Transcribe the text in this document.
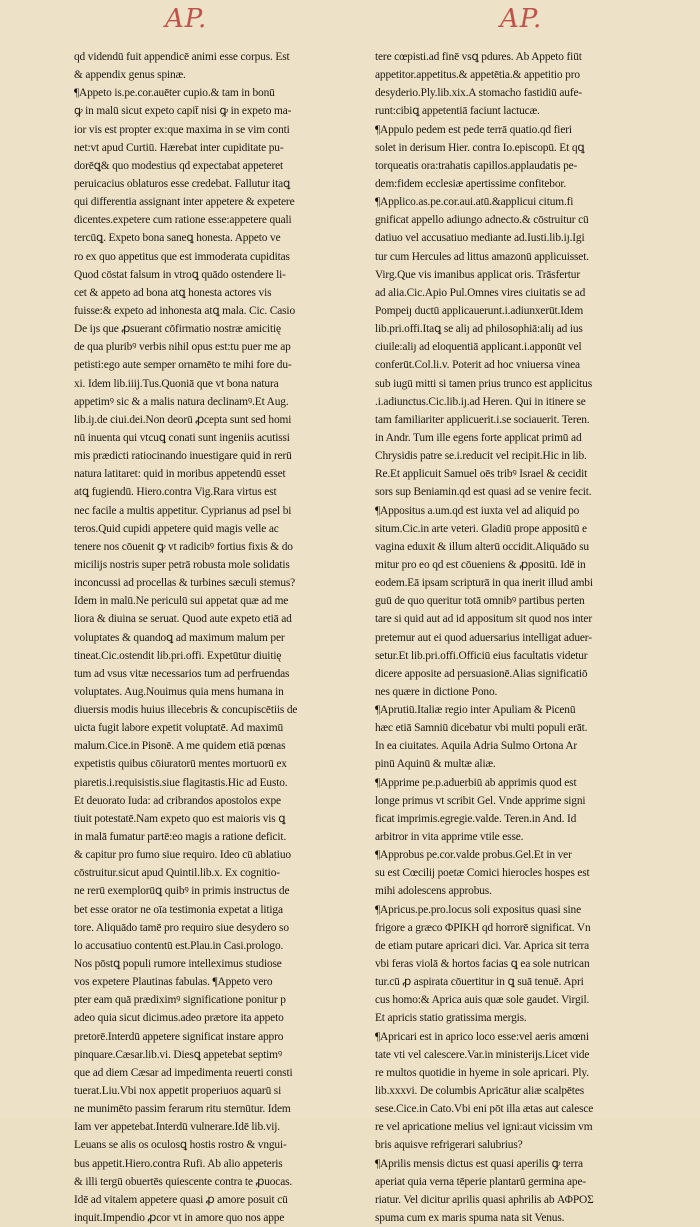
AP.	AP.
qd videndū fuit appendicē animi esse corpus. Est
& appendix genus spinæ.
¶Appeto is.pe.cor.auēter cupio.& tam in bonū
ꝙ in malū sicut expeto capit̄ nisi ꝙ in expeto ma-
ior vis est propter ex:que maxima in se vim conti
net:vt apud Curtiū. Hærebat inter cupiditate pu-
dorēꝗ& quo modestius qd expectabat appeteret
peruicacius oblaturos esse credebat. Fallutur itaꝗ
qui differentia assignant inter appetere & expetere
dicentes.expetere cum ratione esse:appetere quali
tercūꝗ. Expeto bona saneꝗ honesta. Appeto ve
ro ex quo appetitus que est immoderata cupiditas
Quod cōstat falsum in vtroꝗ quādo ostendere li-
cet & appeto ad bona atꝗ honesta actores vis
fuisse:& expeto ad inhonesta atꝗ mala. Cic. Casio
De iȷs que ꝓsuerant cōfirmatio nostræ amicitię
de qua pluribꝰ verbis nihil opus est:tu puer me ap
petisti:ego aute semper ornamēto te mihi fore du-
xi. Idem lib.iiij.Tus.Quoniā que vt bona natura
appetimꝰ sic & a malis natura declinamꝰ.Et Aug.
lib.iȷ.de ciui.dei.Non deorū ꝓcepta sunt sed homi
nū inuenta qui vtcuꝗ conati sunt ingeniis acutissi
mis prædicti ratiocinando inuestigare quid in rerū
natura latitaret: quid in moribus appetendū esset
atꝗ fugiendū. Hiero.contra Vig.Rara virtus est
nec facile a multis appetitur. Cyprianus ad psel bi
teros.Quid cupidi appetere quid magis velle ac
tenere nos cōuenit ꝙ vt radicibꝰ fortius fixis & do
micilijs nostris super petrā robusta mole solidatis
inconcussi ad procellas & turbines sæculi stemus?
Idem in malū.Ne periculū sui appetat quæ ad me
liora & diuina se seruat. Quod aute expeto etiā ad
voluptates & quandoꝗ ad maximum malum per
tineat.Cic.ostendit lib.pri.offi. Expetūtur diuitię
tum ad vsus vitæ necessarios tum ad perfruendas
voluptates. Aug.Nouimus quia mens humana in
diuersis modis huius illecebris & concupiscētiis de
uicta fugit labore expetit voluptatē. Ad maximū
malum.Cice.in Pisonē. A me quidem etiā pœnas
expetistis quibus cōiuratorū mentes mortuorū ex
piaretis.i.requisistis.siue flagitastis.Hic ad Eusto.
Et deuorato Iuda: ad cribrandos apostolos expe
tiuit potestatē.Nam expeto quo est maioris vis ꝗ
in malā fumatur partē:eo magis a ratione deficit.
& capitur pro fumo siue requiro. Ideo cū ablatiuo
cōstruitur.sicut apud Quintil.lib.x. Ex cognitio-
ne rerū exemplorūꝗ quibꝰ in primis instructus de
bet esse orator ne oīa testimonia expetat a litiga
tore. Aliquādo tamē pro requiro siue desydero so
lo accusatiuo contentū est.Plau.in Casi.prologo.
Nos pōstꝗ populi rumore intelleximus studiose
vos expetere Plautinas fabulas. ¶Appeto vero
pter eam quā prædiximꝰ significatione ponitur p
adeo quia sicut dicimus.adeo prætore ita appeto
pretorē.Interdū appetere significat instare appro
pinquare.Cæsar.lib.vi. Diesꝗ appetebat septimꝰ
que ad diem Cæsar ad impedimenta reuerti consti
tuerat.Liu.Vbi nox appetit properiuos aquarū si
ne munimēto passim ferarum ritu sternūtur. Idem
Iam ver appetebat.Interdū vulnerare.Idē lib.vij.
Leuans se alis os oculosꝗ hostis rostro & vngui-
bus appetit.Hiero.contra Rufi. Ab alio appeteris
& illi tergū obuertēs quiescente contra te ꝓuocas.
Idē ad vitalem appetere quasi ꝓ amore posuit cū
inquit.Impendio ꝓcor vt in amore quo nos appe
tere cœpisti.ad finē vsꝗ pdures. Ab Appeto fiūt
appetitor.appetitus.& appetētia.& appetitio pro
desyderio.Ply.lib.xix.A stomacho fastidiū aufe-
runt:cibiꝗ appetentiā faciunt lactucæ.
¶Appulo pedem est pede terrā quatio.qd fieri
solet in derisum Hier. contra Io.episcopū. Et qꝗ
torqueatis ora:trahatis capillos.applaudatis pe-
dem:fidem ecclesiæ apertissime confitebor.
¶Applico.as.pe.cor.aui.atū.&applicui citum.fi
gnificat appello adiungo adnecto.& cōstruitur cū
datiuo vel accusatiuo mediante ad.Iusti.lib.iȷ.Igi
tur cum Hercules ad littus amazonū applicuisset.
Virg.Que vis imanibus applicat oris. Trāsfertur
ad alia.Cic.Apio Pul.Omnes vires ciuitatis se ad
Pompeiȷ ductū applicauerunt.i.adiunxerūt.Idem
lib.pri.offi.Itaꝗ se aliȷ ad philosophiā:aliȷ ad ius
ciuile:aliȷ ad eloquentiā applicant.i.apponūt vel
conferūt.Col.li.v. Poterit ad hoc vniuersa vinea
sub iugū mitti si tamen prius trunco est applicitus
.i.adiunctus.Cic.lib.iȷ.ad Heren. Qui in itinere se
tam familiariter applicuerit.i.se sociauerit. Teren.
in Andr. Tum ille egens forte applicat primū ad
Chrysidis patre se.i.reducit vel recipit.Hic in lib.
Re.Et applicuit Samuel oēs tribꝰ Israel & cecidit
sors sup Beniamin.qd est quasi ad se venire fecit.
¶Appositus a.um.qd est iuxta vel ad aliquid po
situm.Cic.in arte veteri. Gladiū prope appositū e
vagina eduxit & illum alterū occidit.Aliquādo su
mitur pro eo qd est cōueniens & ꝓpositū. Idē in
eodem.Eā ipsam scripturā in qua inerit illud ambi
guū de quo queritur totā omnibꝰ partibus perten
tare si quid aut ad id appositum sit quod nos inter
pretemur aut ei quod aduersarius intelligat aduer-
setur.Et lib.pri.offi.Officiū eius facultatis videtur
dicere apposite ad persuasionē.Alias significatiō
nes quære in dictione Pono.
¶Aprutiū.Italiæ regio inter Apuliam & Picenū
hæc etiā Samniū dicebatur vbi multi populi erāt.
In ea ciuitates. Aquila Adria Sulmo Ortona Ar
pinū Aquinū & multæ aliæ.
¶Apprime pe.p.aduerbiū ab apprimis quod est
longe primus vt scribit Gel. Vnde apprime signi
ficat imprimis.egregie.valde. Teren.in And. Id
arbitror in vita apprime vtile esse.
¶Approbus pe.cor.valde probus.Gel.Et in ver
su est Cœcilij poetæ Comici hierocles hospes est
mihi adolescens approbus.
¶Apricus.pe.pro.locus soli expositus quasi sine
frigore a græco ΦΡΙΚΗ qd horrorē significat. Vn
de etiam putare apricari dici. Var. Aprica sit terra
vbi feras violā & hortos facias ꝗ ea sole nutrican
tur.cū ꝓ aspirata cōuertitur in ꝗ suā tenuē. Apri
cus homo:& Aprica auis quæ sole gaudet. Virgil.
Et apricis statio gratissima mergis.
¶Apricari est in aprico loco esse:vel aeris amœni
tate vti vel calescere.Var.in ministerijs.Licet vide
re multos quotidie in hyeme in sole apricari. Ply.
lib.xxxvi. De columbis Apricātur aliæ scalpētes
sese.Cice.in Cato.Vbi eni pōt illa ætas aut calesce
re vel apricatione melius vel igni:aut vicissim vm
bris aquisve refrigerari salubrius?
¶Aprilis mensis dictus est quasi aperilis ꝙ terra
aperiat quia verna tēperie plantarū germina ape-
riatur. Vel dicitur aprilis quasi aphrilis ab ΑΦΡΟΣ
spuma cum ex maris spuma nata sit Venus.
